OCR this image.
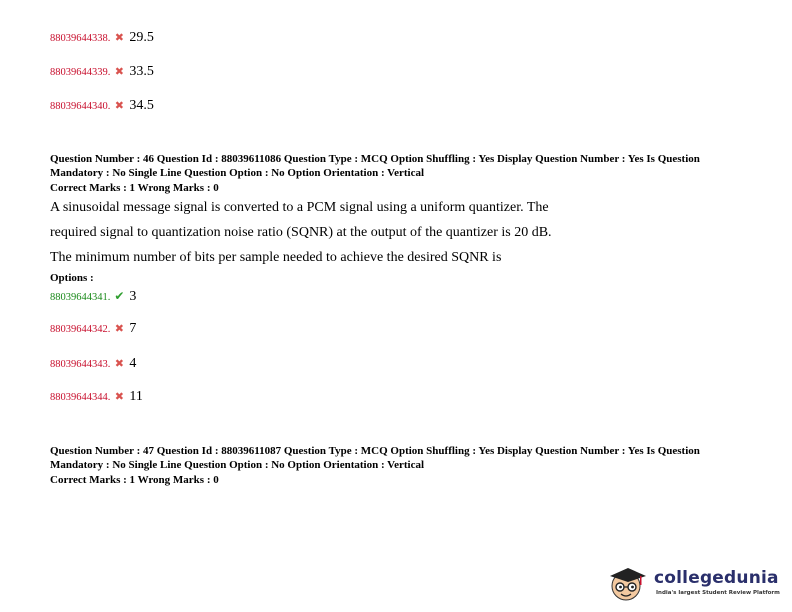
88039644338. ✖ 29.5
88039644339. ✖ 33.5
88039644340. ✖ 34.5
Question Number : 46 Question Id : 88039611086 Question Type : MCQ Option Shuffling : Yes Display Question Number : Yes Is Question Mandatory : No Single Line Question Option : No Option Orientation : Vertical
Correct Marks : 1 Wrong Marks : 0
A sinusoidal message signal is converted to a PCM signal using a uniform quantizer. The
required signal to quantization noise ratio (SQNR) at the output of the quantizer is 20 dB.
The minimum number of bits per sample needed to achieve the desired SQNR is
Options :
88039644341. ✔ 3
88039644342. ✖ 7
88039644343. ✖ 4
88039644344. ✖ 11
Question Number : 47 Question Id : 88039611087 Question Type : MCQ Option Shuffling : Yes Display Question Number : Yes Is Question Mandatory : No Single Line Question Option : No Option Orientation : Vertical
Correct Marks : 1 Wrong Marks : 0
collegedunia
India's largest Student Review Platform
